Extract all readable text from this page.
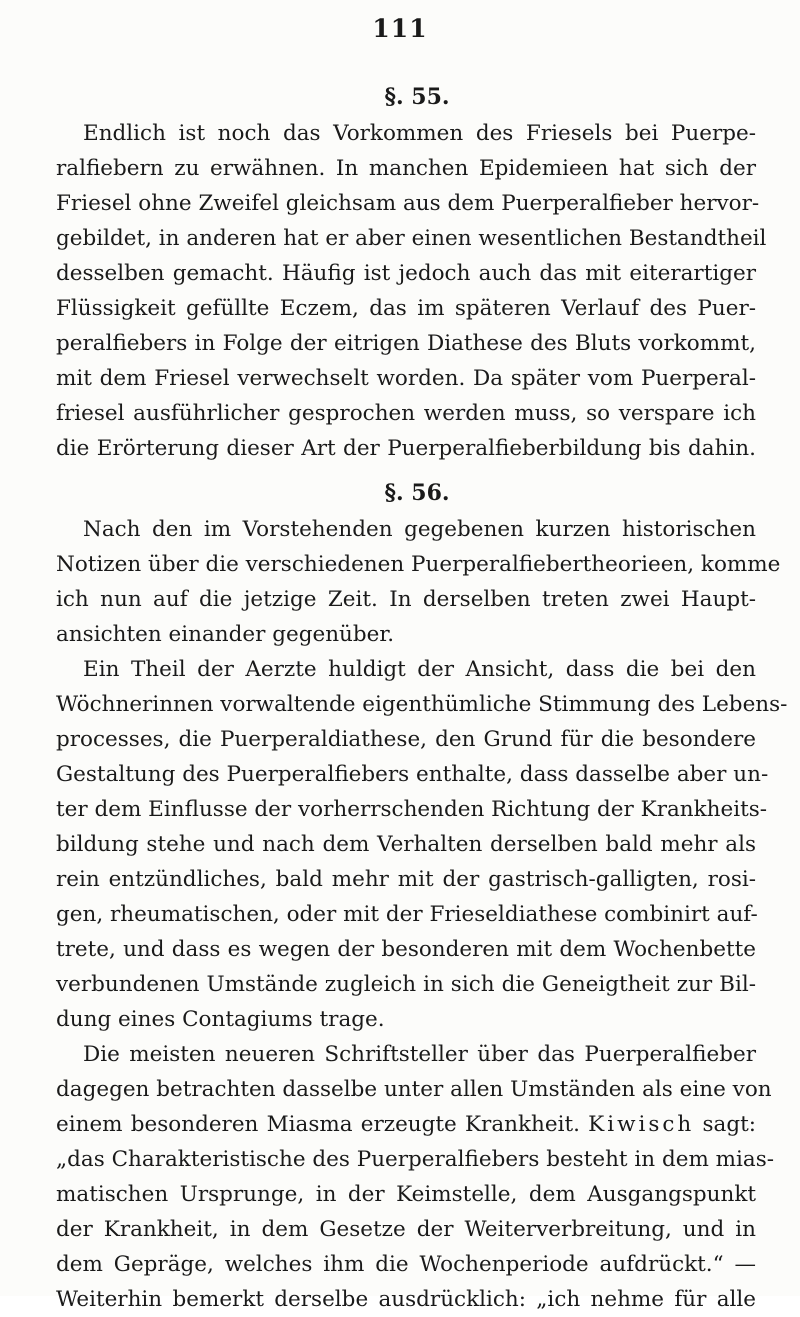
111
§. 55.
Endlich ist noch das Vorkommen des Friesels bei Puerpe-
ralfiebern zu erwähnen. In manchen Epidemieen hat sich der
Friesel ohne Zweifel gleichsam aus dem Puerperalfieber hervor-
gebildet, in anderen hat er aber einen wesentlichen Bestandtheil
desselben gemacht. Häufig ist jedoch auch das mit eiterartiger
Flüssigkeit gefüllte Eczem, das im späteren Verlauf des Puer-
peralfiebers in Folge der eitrigen Diathese des Bluts vorkommt,
mit dem Friesel verwechselt worden. Da später vom Puerperal-
friesel ausführlicher gesprochen werden muss, so verspare ich
die Erörterung dieser Art der Puerperalfieberbildung bis dahin.
§. 56.
Nach den im Vorstehenden gegebenen kurzen historischen
Notizen über die verschiedenen Puerperalfiebertheorieen, komme
ich nun auf die jetzige Zeit. In derselben treten zwei Haupt-
ansichten einander gegenüber.
Ein Theil der Aerzte huldigt der Ansicht, dass die bei den
Wöchnerinnen vorwaltende eigenthümliche Stimmung des Lebens-
processes, die Puerperaldiathese, den Grund für die besondere
Gestaltung des Puerperalfiebers enthalte, dass dasselbe aber un-
ter dem Einflusse der vorherrschenden Richtung der Krankheits-
bildung stehe und nach dem Verhalten derselben bald mehr als
rein entzündliches, bald mehr mit der gastrisch-galligten, rosi-
gen, rheumatischen, oder mit der Frieseldiathese combinirt auf-
trete, und dass es wegen der besonderen mit dem Wochenbette
verbundenen Umstände zugleich in sich die Geneigtheit zur Bil-
dung eines Contagiums trage.
Die meisten neueren Schriftsteller über das Puerperalfieber
dagegen betrachten dasselbe unter allen Umständen als eine von
einem besonderen Miasma erzeugte Krankheit. Kiwisch sagt:
„das Charakteristische des Puerperalfiebers besteht in dem mias-
matischen Ursprunge, in der Keimstelle, dem Ausgangspunkt
der Krankheit, in dem Gesetze der Weiterverbreitung, und in
dem Gepräge, welches ihm die Wochenperiode aufdrückt.“ —
Weiterhin bemerkt derselbe ausdrücklich: „ich nehme für alle
